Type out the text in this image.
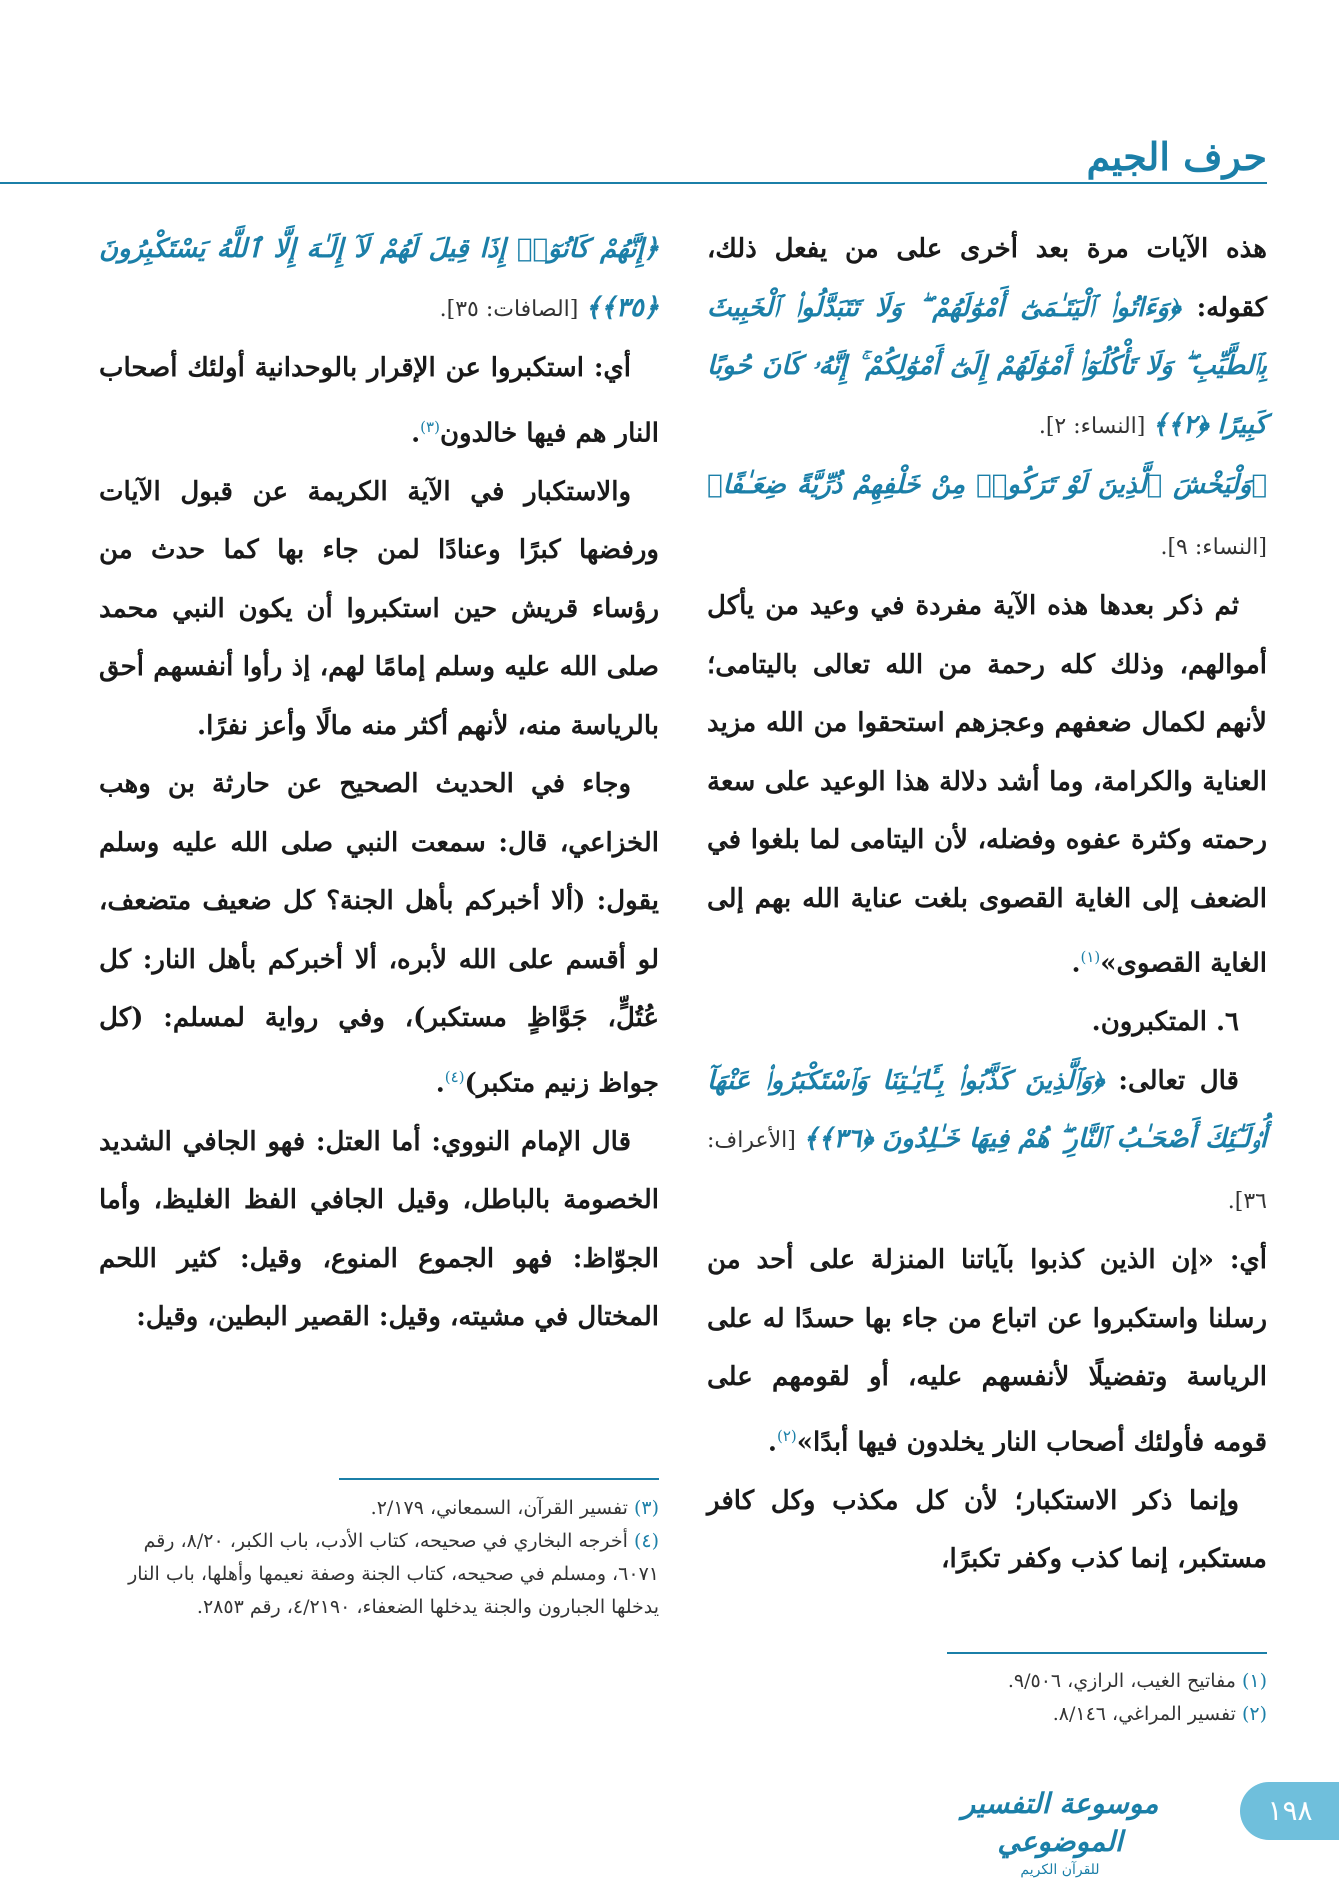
حرف الجيم

هذه الآيات مرة بعد أخرى على من يفعل ذلك، كقوله: ﴿وَءَاتُوا۟ ٱلْيَتَـٰمَىٰٓ أَمْوَٰلَهُمْ ۖ وَلَا تَتَبَدَّلُوا۟ ٱلْخَبِيثَ بِٱلطَّيِّبِ ۖ وَلَا تَأْكُلُوٓا۟ أَمْوَٰلَهُمْ إِلَىٰٓ أَمْوَٰلِكُمْ ۚ إِنَّهُۥ كَانَ حُوبًا كَبِيرًا ﴿٢﴾﴾ [النساء: ٢].

﴿وَلْيَخْشَ ٱلَّذِينَ لَوْ تَرَكُوا۟ مِنْ خَلْفِهِمْ ذُرِّيَّةً ضِعَـٰفًا﴾ [النساء: ٩].

ثم ذكر بعدها هذه الآية مفردة في وعيد من يأكل أموالهم، وذلك كله رحمة من الله تعالى باليتامى؛ لأنهم لكمال ضعفهم وعجزهم استحقوا من الله مزيد العناية والكرامة، وما أشد دلالة هذا الوعيد على سعة رحمته وكثرة عفوه وفضله، لأن اليتامى لما بلغوا في الضعف إلى الغاية القصوى بلغت عناية الله بهم إلى الغاية القصوى»$^{(١)}$.

٦. المتكبرون.

قال تعالى: ﴿وَٱلَّذِينَ كَذَّبُوا۟ بِـَٔايَـٰتِنَا وَٱسْتَكْبَرُوا۟ عَنْهَآ أُو۟لَـٰٓئِكَ أَصْحَـٰبُ ٱلنَّارِ ۖ هُمْ فِيهَا خَـٰلِدُونَ ﴿٣٦﴾﴾ [الأعراف: ٣٦].

أي: «إن الذين كذبوا بآياتنا المنزلة على أحد من رسلنا واستكبروا عن اتباع من جاء بها حسدًا له على الرياسة وتفضيلًا لأنفسهم عليه، أو لقومهم على قومه فأولئك أصحاب النار يخلدون فيها أبدًا»$^{(٢)}$.

وإنما ذكر الاستكبار؛ لأن كل مكذب وكل كافر مستكبر، إنما كذب وكفر تكبرًا،

﴿إِنَّهُمْ كَانُوٓا۟ إِذَا قِيلَ لَهُمْ لَآ إِلَـٰهَ إِلَّا ٱللَّهُ يَسْتَكْبِرُونَ ﴿٣٥﴾﴾ [الصافات: ٣٥].

أي: استكبروا عن الإقرار بالوحدانية أولئك أصحاب النار هم فيها خالدون$^{(٣)}$.

والاستكبار في الآية الكريمة عن قبول الآيات ورفضها كبرًا وعنادًا لمن جاء بها كما حدث من رؤساء قريش حين استكبروا أن يكون النبي محمد صلى الله عليه وسلم إمامًا لهم، إذ رأوا أنفسهم أحق بالرياسة منه، لأنهم أكثر منه مالًا وأعز نفرًا.

وجاء في الحديث الصحيح عن حارثة بن وهب الخزاعي، قال: سمعت النبي صلى الله عليه وسلم يقول: (ألا أخبركم بأهل الجنة؟ كل ضعيف متضعف، لو أقسم على الله لأبره، ألا أخبركم بأهل النار: كل عُتُلٍّ، جَوَّاظٍ مستكبر)، وفي رواية لمسلم: (كل جواظ زنيم متكبر)$^{(٤)}$.

قال الإمام النووي: أما العتل: فهو الجافي الشديد الخصومة بالباطل، وقيل الجافي الفظ الغليظ، وأما الجوّاظ: فهو الجموع المنوع، وقيل: كثير اللحم المختال في مشيته، وقيل: القصير البطين، وقيل:

(١) مفاتيح الغيب، الرازي، ٩/٥٠٦.

(٢) تفسير المراغي، ٨/١٤٦.

(٣) تفسير القرآن، السمعاني، ٢/١٧٩.

(٤) أخرجه البخاري في صحيحه، كتاب الأدب، باب الكبر، ٨/٢٠، رقم ٦٠٧١، ومسلم في صحيحه، كتاب الجنة وصفة نعيمها وأهلها، باب النار يدخلها الجبارون والجنة يدخلها الضعفاء، ٤/٢١٩٠، رقم ٢٨٥٣.

١٩٨

موسوعة التفسير الموضوعي

للقرآن الكريم
